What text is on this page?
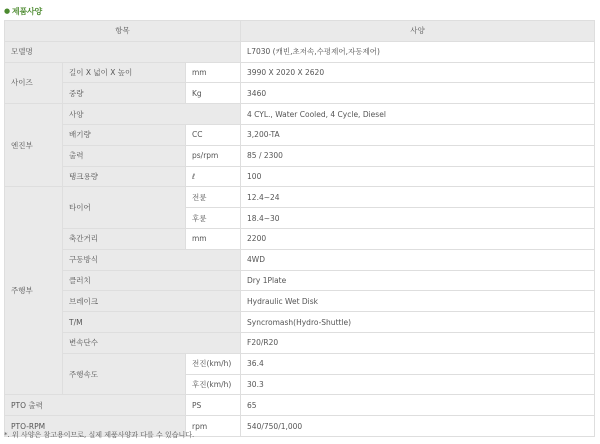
● 제품사양
항목			사양
모델명			L7030 (캐빈,초저속,수평제어,자동제어)
사이즈	길이 X 넓이 X 높이	mm	3990 X 2020 X 2620
	중량	Kg	3460
엔진부	사양		4 CYL., Water Cooled, 4 Cycle, Diesel
	배기량	CC	3,200-TA
	출력	ps/rpm	85 / 2300
	탱크용량	ℓ	100
주행부	타이어	전륜	12.4~24
		후륜	18.4~30
	축간거리	mm	2200
	구동방식		4WD
	클러치		Dry 1Plate
	브레이크		Hydraulic Wet Disk
	T/M		Syncromash(Hydro-Shuttle)
	변속단수		F20/R20
	주행속도	전진(km/h)	36.4
		후진(km/h)	30.3
PTO 출력		PS	65
PTO-RPM		rpm	540/750/1,000
*. 위 사양은 참고용이므로, 실제 제품사양과 다를 수 있습니다.
